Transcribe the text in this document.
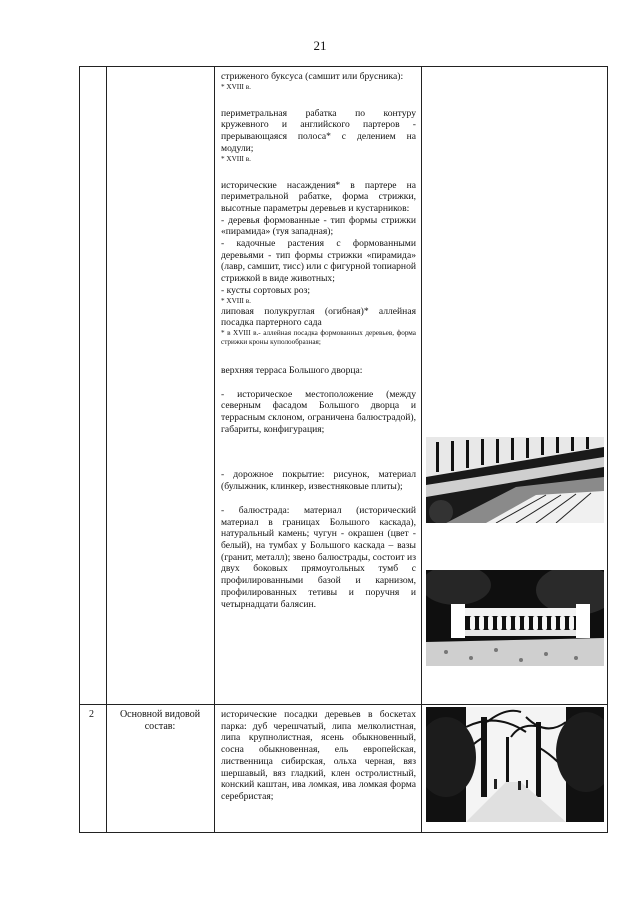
21
стриженого букcуса (самшит или брусника):
* XVIII в.
периметральная рабатка по контуру кружевного и английского партеров - прерывающаяся полоса* с делением на модули;
* XVIII в.
исторические насаждения* в партере на периметральной рабатке, форма стрижки, высотные параметры деревьев и кустарников:
- деревья формованные - тип формы стрижки «пирамида» (туя западная);
- кадочные растения с формованными деревьями - тип формы стрижки «пирамида» (лавр, самшит, тисс) или с фигурной топиарной стрижкой в виде животных;
- кусты сортовых роз;
* XVIII в.
липовая полукруглая (огибная)* аллейная посадка партерного сада
* в XVIII в.- аллейная посадка формованных деревьев, форма стрижки кроны куполообразная;
верхняя терраса Большого дворца:
- историческое местоположение (между северным фасадом Большого дворца и террасным склоном, ограничена балюстрадой), габариты, конфигурация;
- дорожное покрытие: рисунок, материал (булыжник, клинкер, известняковые плиты);
- балюстрада: материал (исторический материал в границах Большого каскада), натуральный камень; чугун - окрашен (цвет - белый), на тумбах у Большого каскада – вазы (гранит, металл); звено балюстрады, состоит из двух боковых прямоугольных тумб с профилированными базой и карнизом, профилированных тетивы и поручня и четырнадцати балясин.
2	Основной видовой состав:
исторические посадки деревьев в боскетах парка: дуб черешчатый, липа мелколистная, липа крупнолистная, ясень обыкновенный, сосна обыкновенная, ель европейская, лиственница сибирская, ольха черная, вяз шершавый, вяз гладкий, клен остролистный, конский каштан, ива ломкая, ива ломкая форма серебристая;
